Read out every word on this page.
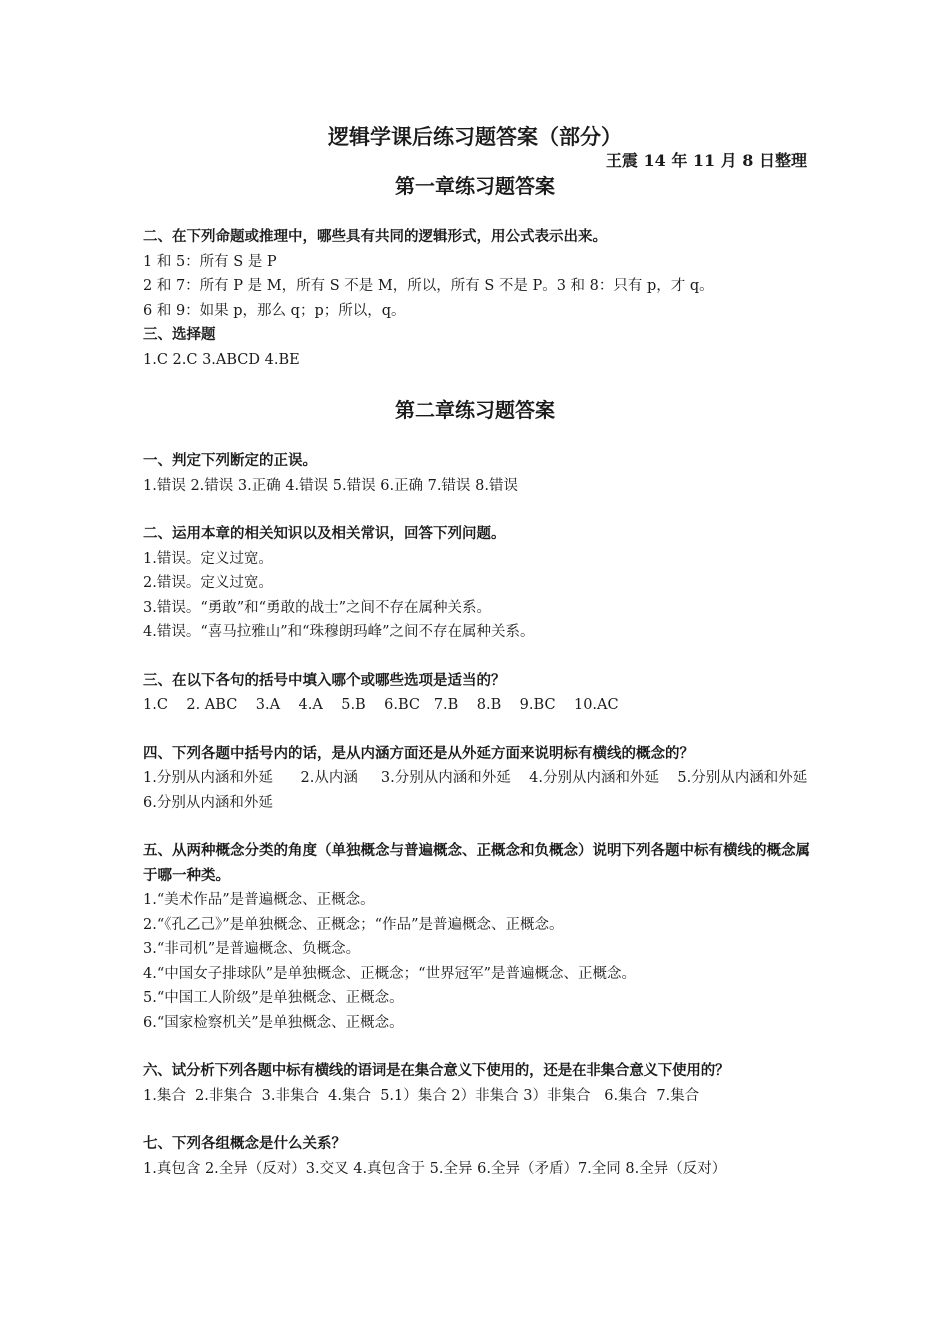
逻辑学课后练习题答案（部分）

王震 14 年 11 月 8 日整理

第一章练习题答案

二、在下列命题或推理中，哪些具有共同的逻辑形式，用公式表示出来。

1 和 5：所有 S 是 P

2 和 7：所有 P 是 M，所有 S 不是 M，所以，所有 S 不是 P。3 和 8：只有 p，才 q。

6 和 9：如果 p，那么 q；p；所以，q。

三、选择题

1.C 2.C 3.ABCD 4.BE

第二章练习题答案

一、判定下列断定的正误。

1.错误 2.错误 3.正确 4.错误 5.错误 6.正确 7.错误 8.错误

二、运用本章的相关知识以及相关常识，回答下列问题。

1.错误。定义过宽。

2.错误。定义过宽。

3.错误。“勇敢”和“勇敢的战士”之间不存在属种关系。

4.错误。“喜马拉雅山”和“珠穆朗玛峰”之间不存在属种关系。

三、在以下各句的括号中填入哪个或哪些选项是适当的？

1.C    2. ABC    3.A    4.A    5.B    6.BC   7.B    8.B    9.BC    10.AC

四、下列各题中括号内的话，是从内涵方面还是从外延方面来说明标有横线的概念的？

1.分别从内涵和外延      2.从内涵     3.分别从内涵和外延    4.分别从内涵和外延    5.分别从内涵和外延       6.分别从内涵和外延

五、从两种概念分类的角度（单独概念与普遍概念、正概念和负概念）说明下列各题中标有横线的概念属于哪一种类。

1.“美术作品”是普遍概念、正概念。

2.“《孔乙己》”是单独概念、正概念；“作品”是普遍概念、正概念。

3.“非司机”是普遍概念、负概念。

4.“中国女子排球队”是单独概念、正概念；“世界冠军”是普遍概念、正概念。

5.“中国工人阶级”是单独概念、正概念。

6.“国家检察机关”是单独概念、正概念。

六、试分析下列各题中标有横线的语词是在集合意义下使用的，还是在非集合意义下使用的？

1.集合  2.非集合  3.非集合  4.集合  5.1）集合 2）非集合 3）非集合   6.集合  7.集合

七、下列各组概念是什么关系？

1.真包含 2.全异（反对）3.交叉 4.真包含于 5.全异 6.全异（矛盾）7.全同 8.全异（反对）
